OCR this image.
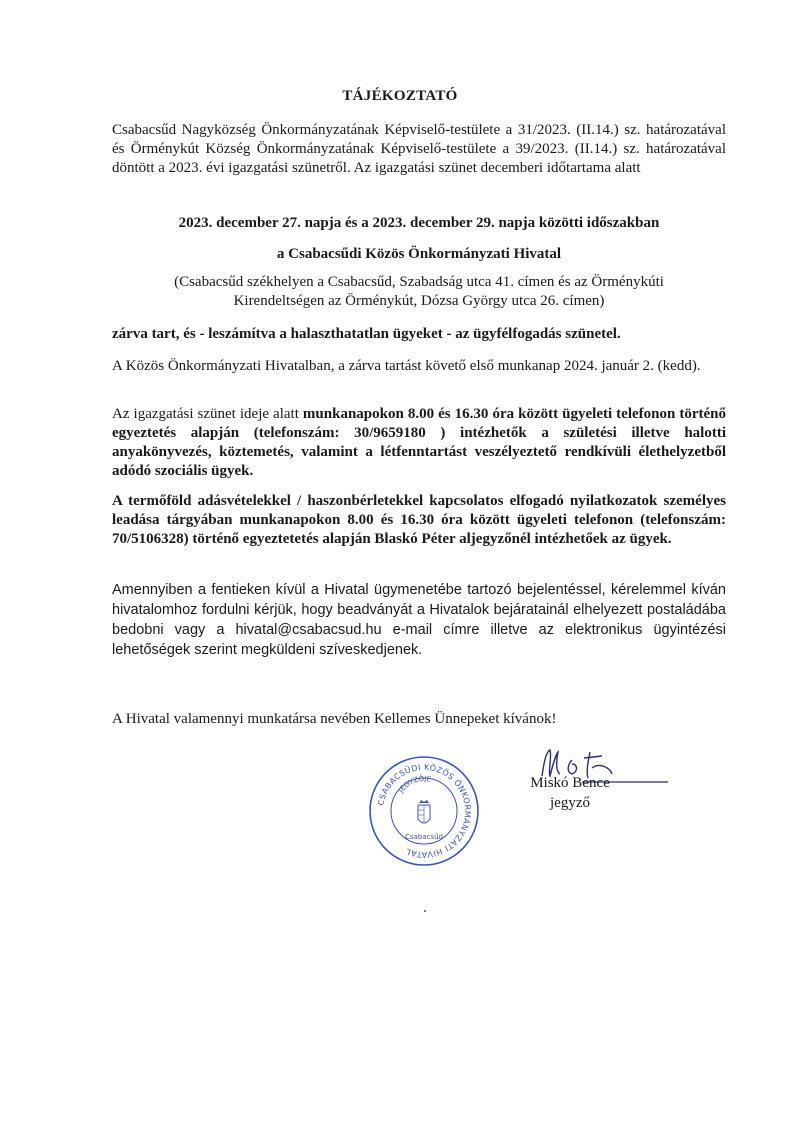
TÁJÉKOZTATÓ
Csabacsűd Nagyközség Önkormányzatának Képviselő-testülete a 31/2023. (II.14.) sz. határozatával és Örménykút Község Önkormányzatának Képviselő-testülete a 39/2023. (II.14.) sz. határozatával döntött a 2023. évi igazgatási szünetről. Az igazgatási szünet decemberi időtartama alatt
2023. december 27. napja és a 2023. december 29. napja közötti időszakban
a Csabacsűdi Közös Önkormányzati Hivatal
(Csabacsűd székhelyen a Csabacsűd, Szabadság utca 41. címen és az Örménykúti
Kirendeltségen az Örménykút, Dózsa György utca 26. címen)
zárva tart, és - leszámítva a halaszthatatlan ügyeket - az ügyfélfogadás szünetel.
A Közös Önkormányzati Hivatalban, a zárva tartást követő első munkanap 2024. január 2. (kedd).
Az igazgatási szünet ideje alatt munkanapokon 8.00 és 16.30 óra között ügyeleti telefonon történő egyeztetés alapján (telefonszám: 30/9659180 ) intézhetők a születési illetve halotti anyakönyvezés, köztemetés, valamint a létfenntartást veszélyeztető rendkívüli élethelyzetből adódó szociális ügyek.
A termőföld adásvételekkel / haszonbérletekkel kapcsolatos elfogadó nyilatkozatok személyes leadása tárgyában munkanapokon 8.00 és 16.30 óra között ügyeleti telefonon (telefonszám: 70/5106328) történő egyeztetetés alapján Blaskó Péter aljegyzőnél intézhetőek az ügyek.
Amennyiben a fentieken kívül a Hivatal ügymenetébe tartozó bejelentéssel, kérelemmel kíván hivatalomhoz fordulni kérjük, hogy beadványát a Hivatalok bejáratainál elhelyezett postaládába bedobni vagy a hivatal@csabacsud.hu e-mail címre illetve az elektronikus ügyintézési lehetőségek szerint megküldeni szíveskedjenek.
A Hivatal valamennyi munkatársa nevében Kellemes Ünnepeket kívánok!
CSABACSŰDI KÖZÖS ÖNKORMÁNYZATI HIVATAL
JEGYZŐJE
Csabacsűd
Miskó Bence
jegyző
